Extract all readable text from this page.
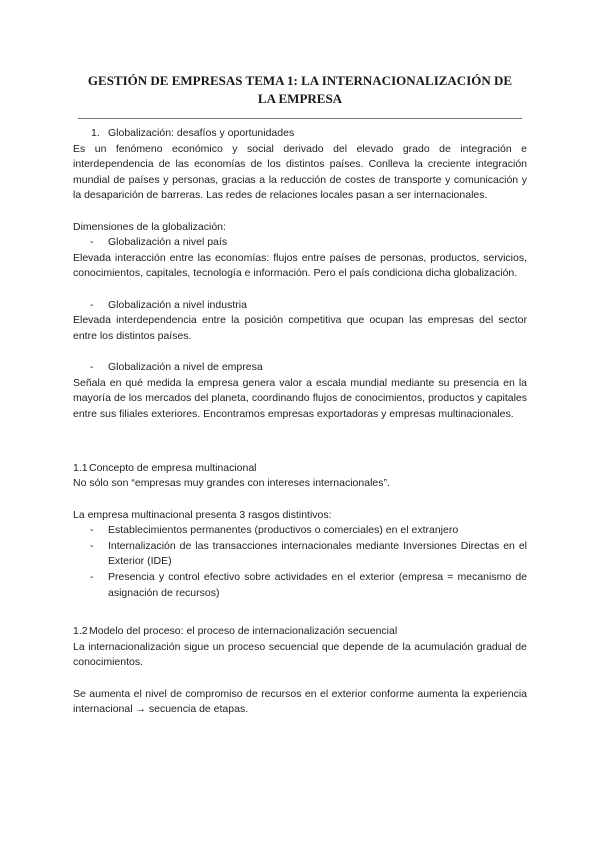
GESTIÓN DE EMPRESAS TEMA 1: LA INTERNACIONALIZACIÓN DE LA EMPRESA

1. Globalización: desafíos y oportunidades

Es un fenómeno económico y social derivado del elevado grado de integración e interdependencia de las economías de los distintos países. Conlleva la creciente integración mundial de países y personas, gracias a la reducción de costes de transporte y comunicación y la desaparición de barreras. Las redes de relaciones locales pasan a ser internacionales.

Dimensiones de la globalización:

- Globalización a nivel país

Elevada interacción entre las economías: flujos entre países de personas, productos, servicios, conocimientos, capitales, tecnología e información. Pero el país condiciona dicha globalización.

- Globalización a nivel industria

Elevada interdependencia entre la posición competitiva que ocupan las empresas del sector entre los distintos países.

- Globalización a nivel de empresa

Señala en qué medida la empresa genera valor a escala mundial mediante su presencia en la mayoría de los mercados del planeta, coordinando flujos de conocimientos, productos y capitales entre sus filiales exteriores. Encontramos empresas exportadoras y empresas multinacionales.

1.1Concepto de empresa multinacional

No sólo son “empresas muy grandes con intereses internacionales”.

La empresa multinacional presenta 3 rasgos distintivos:

- Establecimientos permanentes (productivos o comerciales) en el extranjero

- Internalización de las transacciones internacionales mediante Inversiones Directas en el Exterior (IDE)

- Presencia y control efectivo sobre actividades en el exterior (empresa = mecanismo de asignación de recursos)

1.2Modelo del proceso: el proceso de internacionalización secuencial

La internacionalización sigue un proceso secuencial que depende de la acumulación gradual de conocimientos.

Se aumenta el nivel de compromiso de recursos en el exterior conforme aumenta la experiencia internacional → secuencia de etapas.
